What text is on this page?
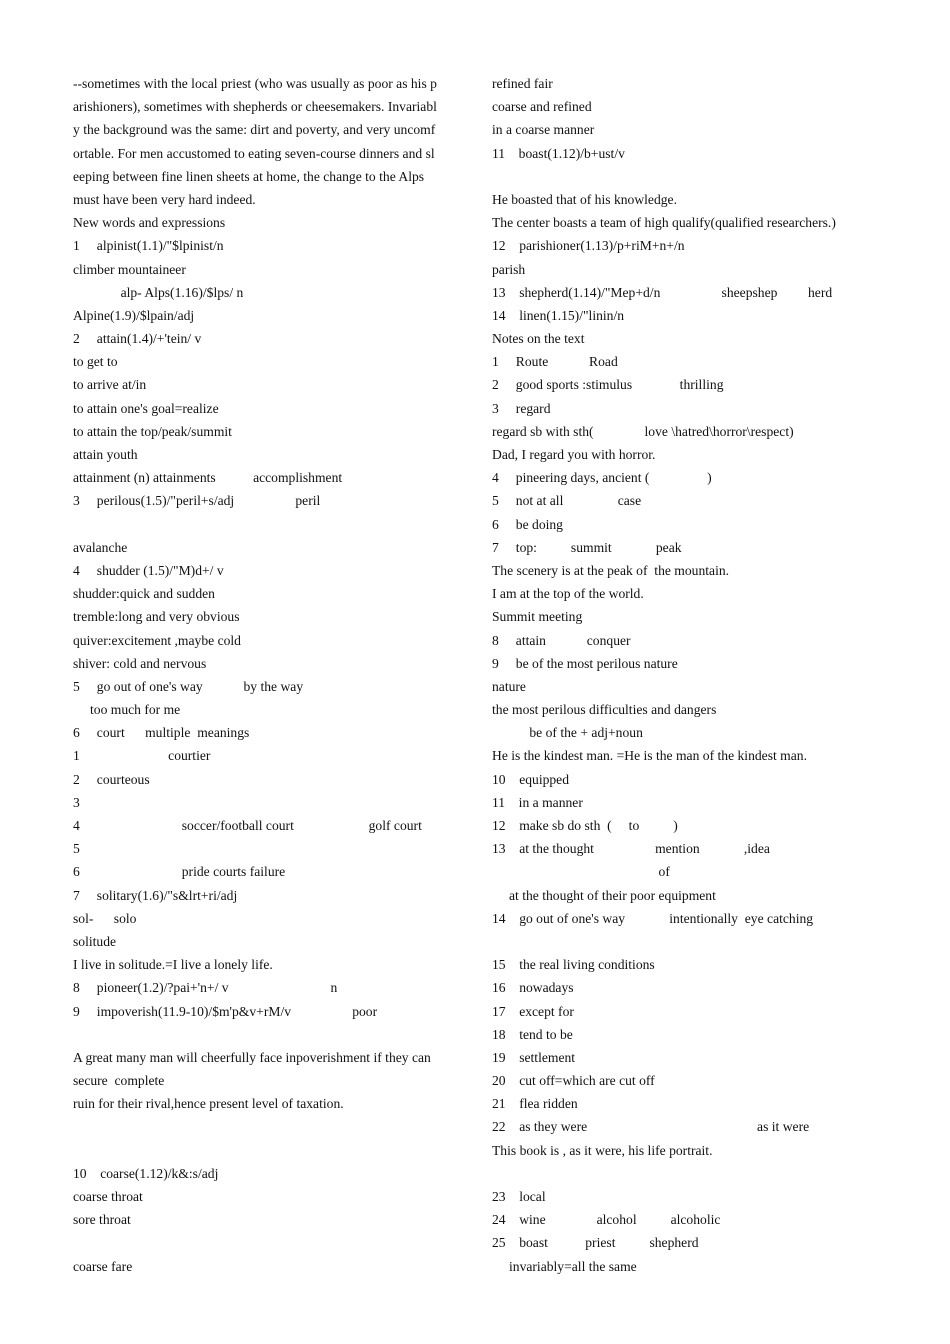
--sometimes with the local priest (who was usually as poor as his p
arishioners), sometimes with shepherds or cheesemakers. Invariabl
y the background was the same: dirt and poverty, and very uncomf
ortable. For men accustomed to eating seven-course dinners and sl
eeping between fine linen sheets at home, the change to the Alps
must have been very hard indeed.
New words and expressions
1     alpinist(1.1)/"$lpinist/n
climber mountaineer
alp- Alps(1.16)/$lps/ n
Alpine(1.9)/$lpain/adj
2     attain(1.4)/+'tein/ v
to get to
to arrive at/in
to attain one's goal=realize
to attain the top/peak/summit
attain youth
attainment (n) attainments           accomplishment
3     perilous(1.5)/"peril+s/adj                  peril
avalanche
4     shudder (1.5)/"M)d+/ v
shudder:quick and sudden
tremble:long and very obvious
quiver:excitement ,maybe cold
shiver: cold and nervous
5     go out of one's way            by the way
too much for me
6     court      multiple  meanings
1                          courtier
2     courteous
3
4                              soccer/football court                      golf court
5
6                              pride courts failure
7     solitary(1.6)/"s&lrt+ri/adj
sol-      solo
solitude
I live in solitude.=I live a lonely life.
8     pioneer(1.2)/?pai+'n+/ v                              n
9     impoverish(11.9-10)/$m'p&v+rM/v                  poor
A great many man will cheerfully face inpoverishment if they can
secure  complete
ruin for their rival,hence present level of taxation.
10    coarse(1.12)/k&:s/adj
coarse throat
sore throat
coarse fare
refined fair
coarse and refined
in a coarse manner
11    boast(1.12)/b+ust/v
He boasted that of his knowledge.
The center boasts a team of high qualify(qualified researchers.)
12    parishioner(1.13)/p+riM+n+/n
parish
13    shepherd(1.14)/"Mep+d/n                  sheepshep         herd
14    linen(1.15)/"linin/n
Notes on the text
1     Route            Road
2     good sports :stimulus              thrilling
3     regard
regard sb with sth(               love \hatred\horror\respect)
Dad, I regard you with horror.
4     pineering days, ancient (                 )
5     not at all                case
6     be doing
7     top:          summit             peak
The scenery is at the peak of  the mountain.
I am at the top of the world.
Summit meeting
8     attain            conquer
9     be of the most perilous nature
nature
the most perilous difficulties and dangers
be of the + adj+noun
He is the kindest man. =He is the man of the kindest man.
10    equipped
11    in a manner
12    make sb do sth  (     to          )
13    at the thought                  mention             ,idea
of
at the thought of their poor equipment
14    go out of one's way             intentionally  eye catching
15    the real living conditions
16    nowadays
17    except for
18    tend to be
19    settlement
20    cut off=which are cut off
21    flea ridden
22    as they were                                                  as it were
This book is , as it were, his life portrait.
23    local
24    wine               alcohol          alcoholic
25    boast           priest          shepherd
invariably=all the same
